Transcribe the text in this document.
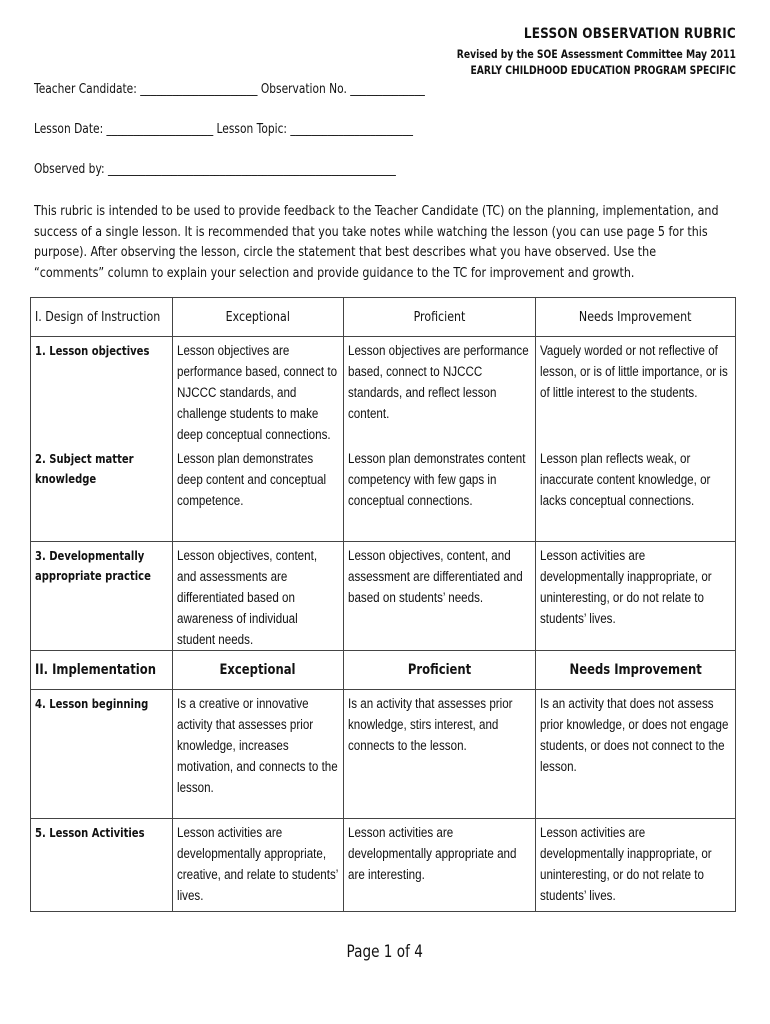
LESSON OBSERVATION RUBRIC
Revised by the SOE Assessment Committee May 2011
EARLY CHILDHOOD EDUCATION PROGRAM SPECIFIC
Teacher Candidate: ______________________ Observation No. ______________
Lesson Date: ____________________ Lesson Topic: _______________________
Observed by: ______________________________________________________
This rubric is intended to be used to provide feedback to the Teacher Candidate (TC) on the planning, implementation, and success of a single lesson. It is recommended that you take notes while watching the lesson (you can use page 5 for this purpose). After observing the lesson, circle the statement that best describes what you have observed. Use the “comments” column to explain your selection and provide guidance to the TC for improvement and growth.
I. Design of Instruction	Exceptional	Proficient	Needs Improvement

1. Lesson objectives	Lesson objectives are performance based, connect to NJCCC standards, and challenge students to make deep conceptual connections.	Lesson objectives are performance based, connect to NJCCC standards, and reflect lesson content.	Vaguely worded or not reflective of lesson, or is of little importance, or is of little interest to the students.

2. Subject matter knowledge	Lesson plan demonstrates deep content and conceptual competence.	Lesson plan demonstrates content competency with few gaps in conceptual connections.	Lesson plan reflects weak, or inaccurate content knowledge, or lacks conceptual connections.

3. Developmentally appropriate practice	Lesson objectives, content, and assessments are differentiated based on awareness of individual student needs.	Lesson objectives, content, and assessment are differentiated and based on students’ needs.	Lesson activities are developmentally inappropriate, or uninteresting, or do not relate to students’ lives.

II. Implementation	Exceptional	Proficient	Needs Improvement

4. Lesson beginning	Is a creative or innovative activity that assesses prior knowledge, increases motivation, and connects to the lesson.	Is an activity that assesses prior knowledge, stirs interest, and connects to the lesson.	Is an activity that does not assess prior knowledge, or does not engage students, or does not connect to the lesson.

5. Lesson Activities	Lesson activities are developmentally appropriate, creative, and relate to students’ lives.	Lesson activities are developmentally appropriate and are interesting.	Lesson activities are developmentally inappropriate, or uninteresting, or do not relate to students’ lives.
Page 1 of 4
